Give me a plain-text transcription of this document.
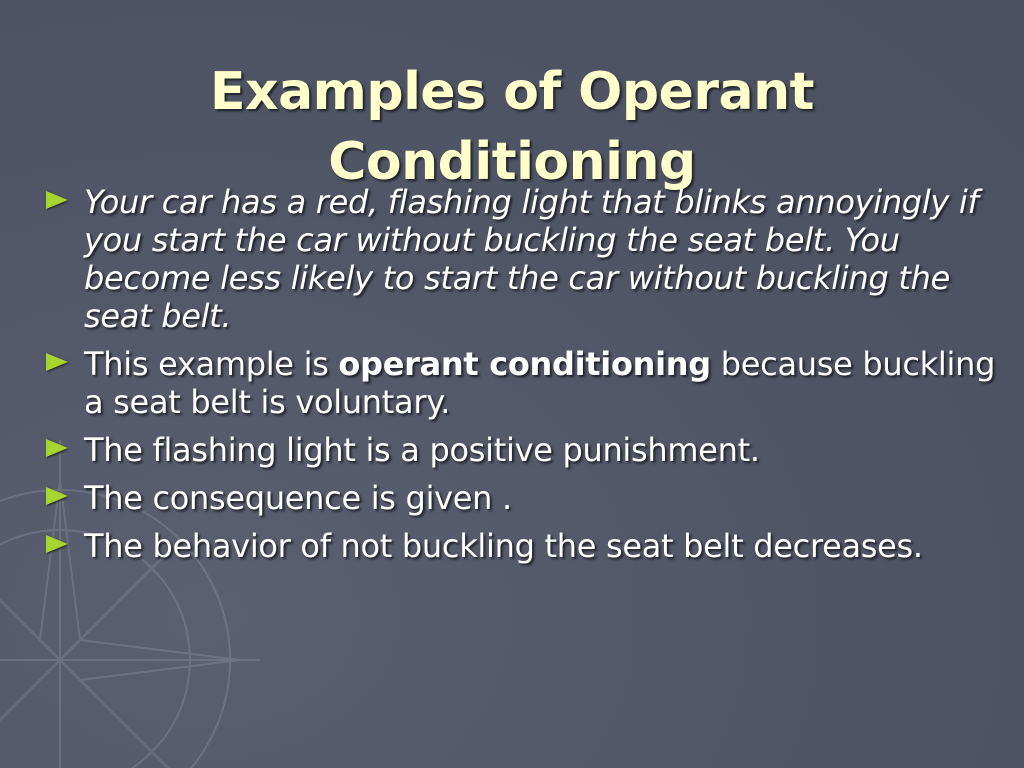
Examples of Operant
Conditioning
Your car has a red, flashing light that blinks annoyingly if you start the car without buckling the seat belt. You become less likely to start the car without buckling the seat belt.
This example is operant conditioning because buckling a seat belt is voluntary.
The flashing light is a positive punishment.
The consequence is given .
The behavior of not buckling the seat belt decreases.
